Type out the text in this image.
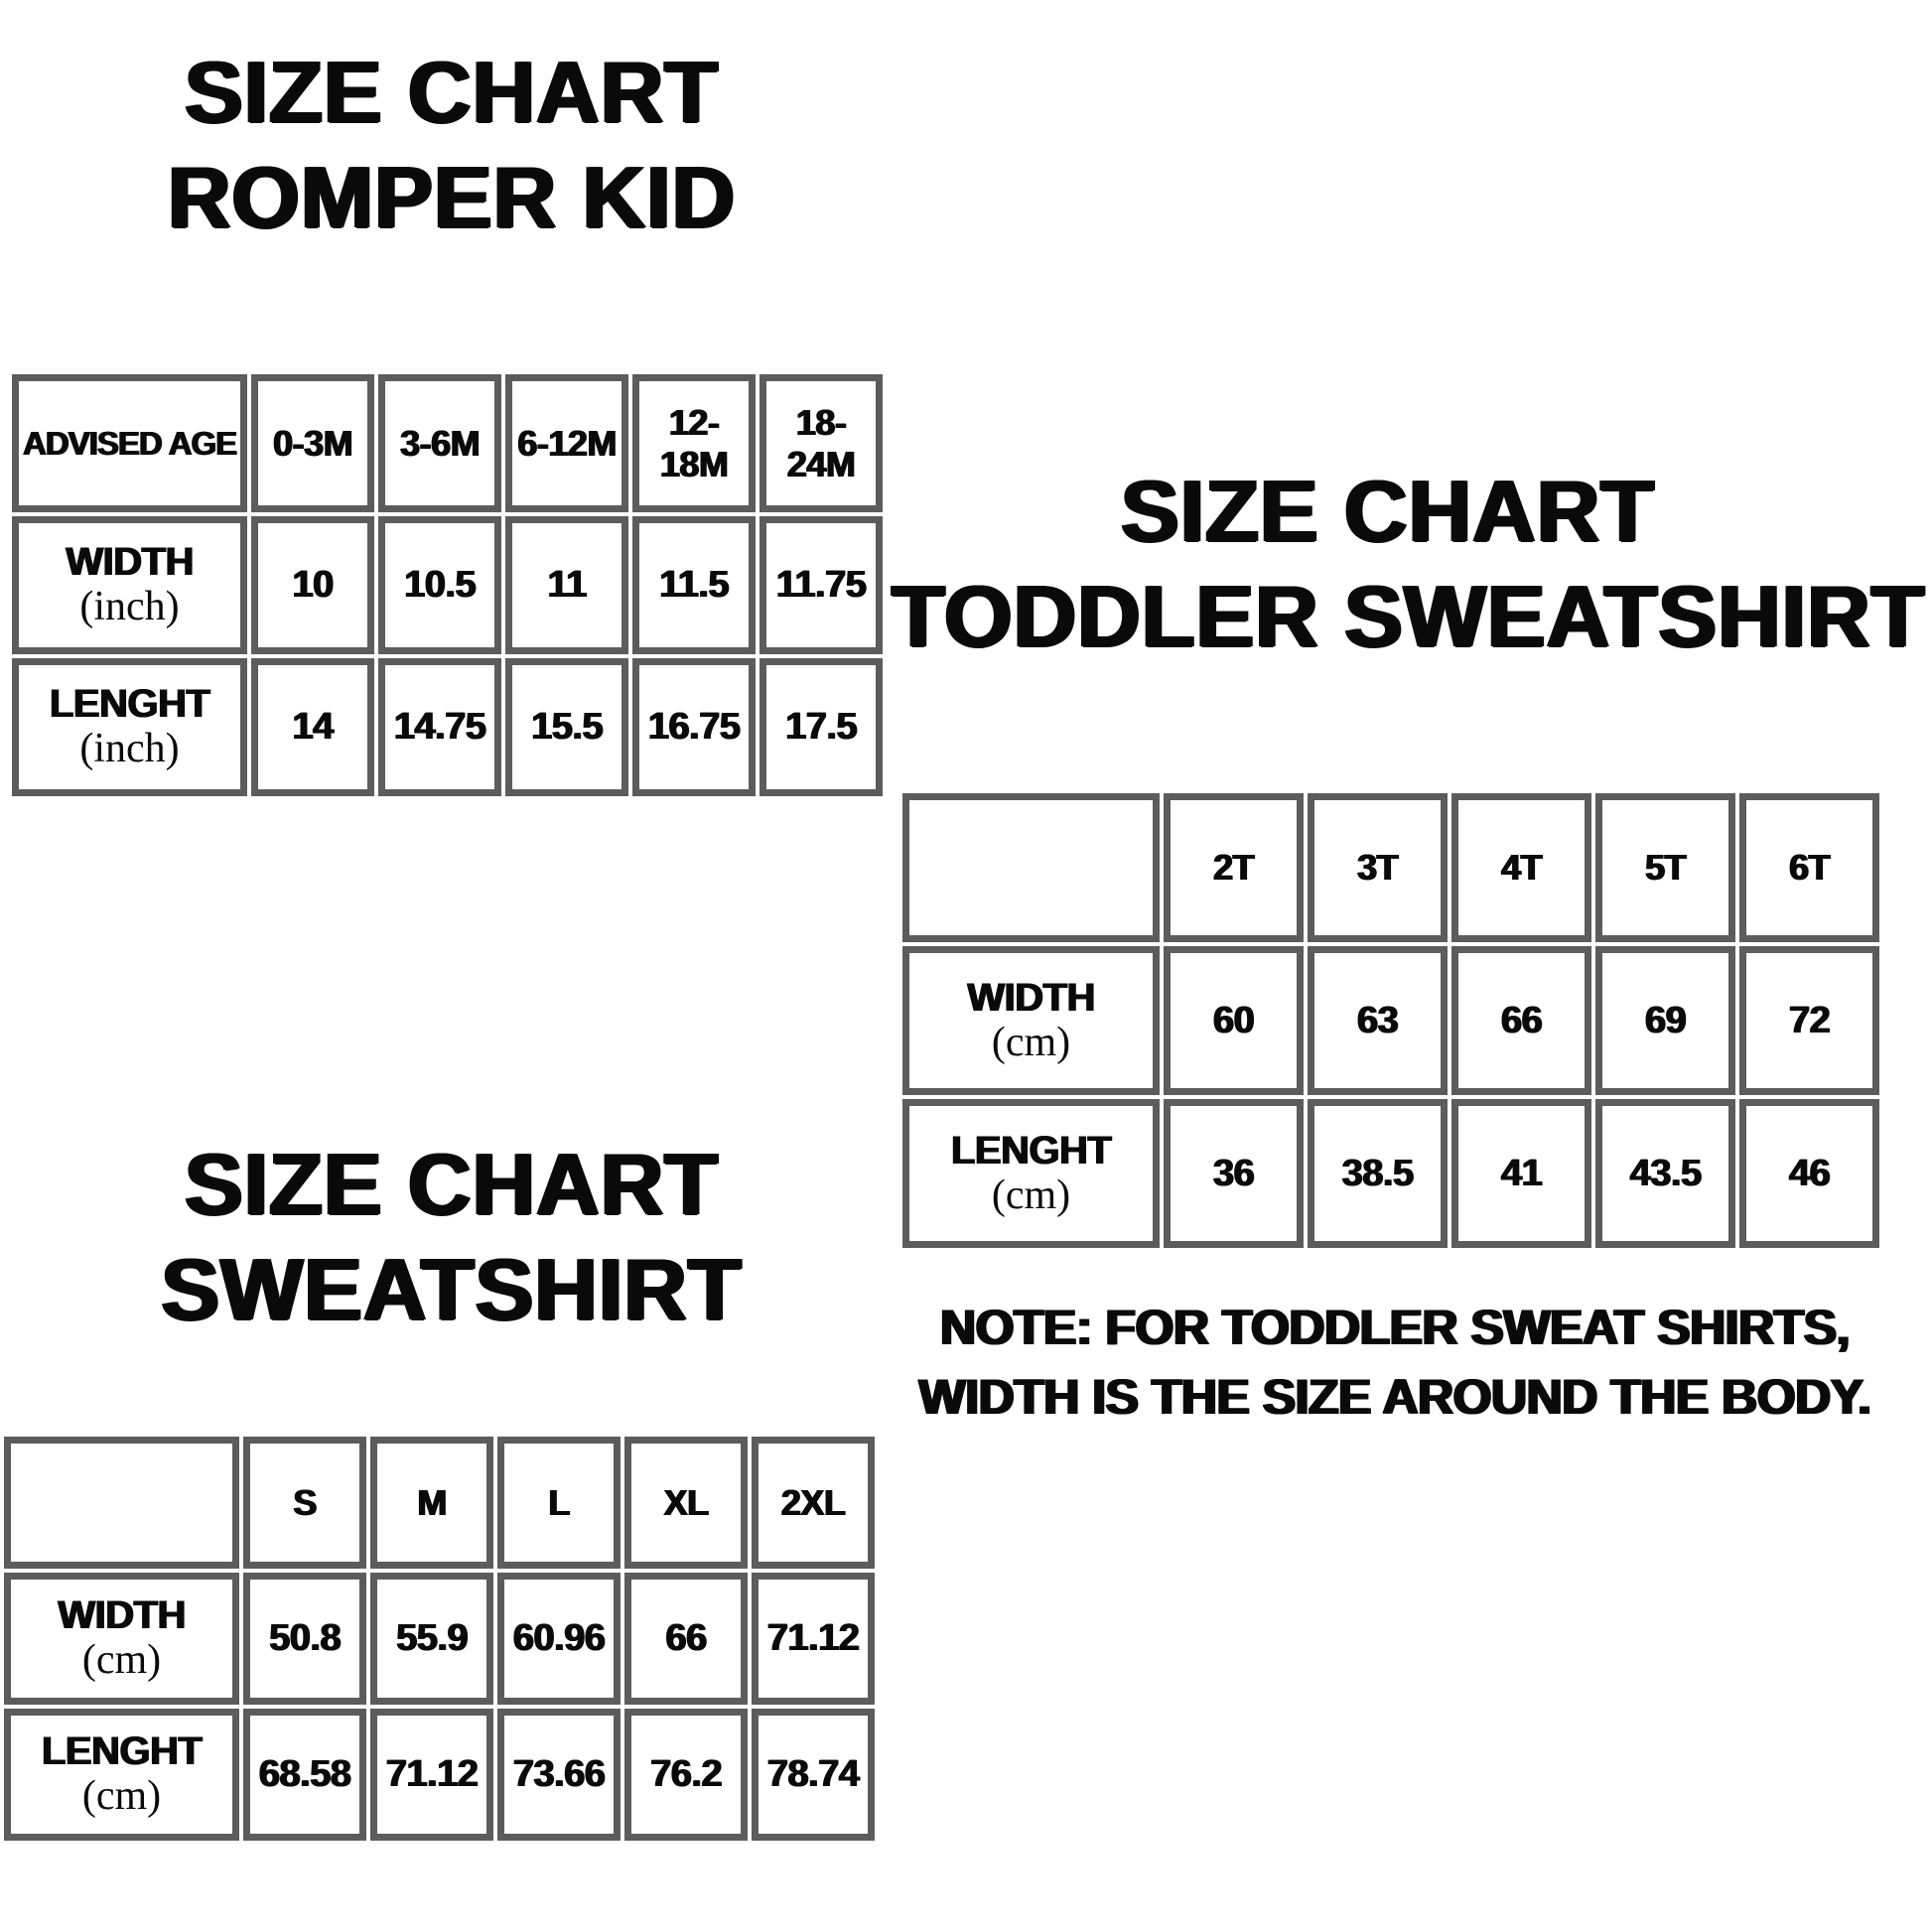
SIZE CHART
ROMPER KID
ADVISED AGE	0-3M	3-6M	6-12M	12-18M	18-24M

WIDTH
(inch)	10	10.5	11	11.5	11.75

LENGHT
(inch)	14	14.75	15.5	16.75	17.5
SIZE CHART
TODDLER SWEATSHIRT
	2T	3T	4T	5T	6T

WIDTH
(cm)	60	63	66	69	72

LENGHT
(cm)	36	38.5	41	43.5	46
NOTE: FOR TODDLER SWEAT SHIRTS,
WIDTH IS THE SIZE AROUND THE BODY.
SIZE CHART
SWEATSHIRT
	S	M	L	XL	2XL

WIDTH
(cm)	50.8	55.9	60.96	66	71.12

LENGHT
(cm)	68.58	71.12	73.66	76.2	78.74
